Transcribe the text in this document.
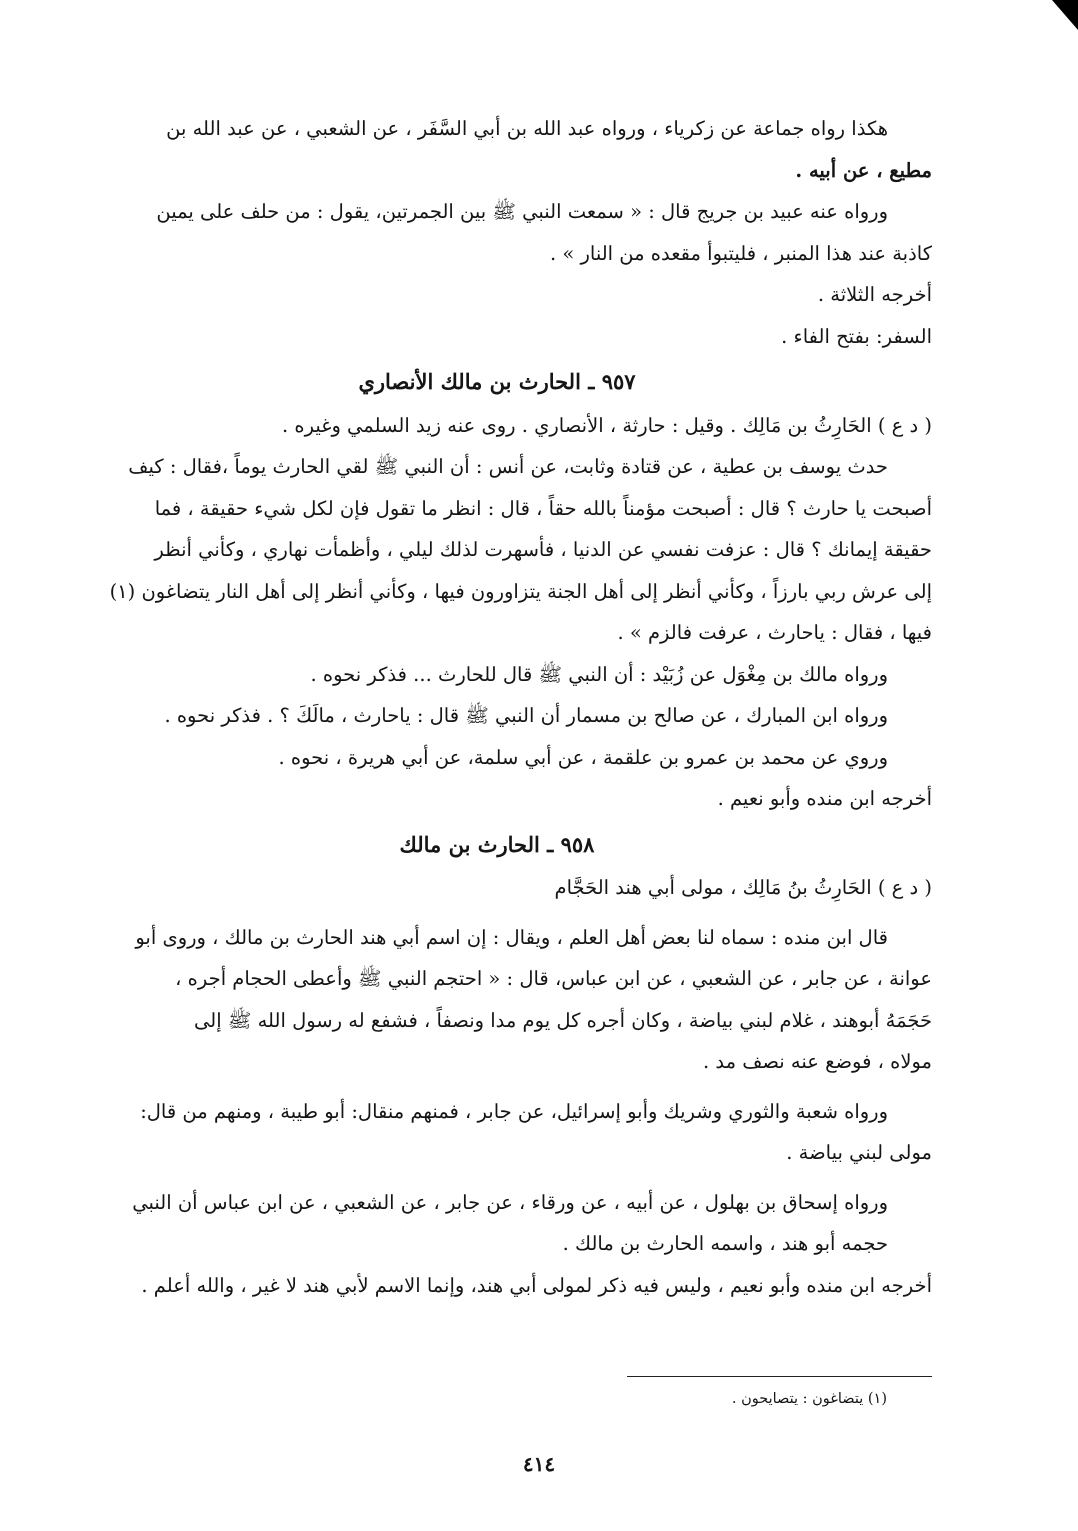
هكذا رواه جماعة عن زكرياء ، ورواه عبد الله بن أبي السَّفَر ، عن الشعبي ، عن عبد الله بن

مطيع ، عن أبيه .

ورواه عنه عبيد بن جريج قال : « سمعت النبي ﷺ بين الجمرتين، يقول : من حلف على يمين

كاذبة عند هذا المنبر ، فليتبوأ مقعده من النار » .

أخرجه الثلاثة .

السفر: بفتح الفاء .

٩٥٧ ـ الحارث بن مالك الأنصاري

( د ع ) الحَارِثُ بن مَالِك . وقيل : حارثة ، الأنصاري . روى عنه زيد السلمي وغيره .

حدث يوسف بن عطية ، عن قتادة وثابت، عن أنس : أن النبي ﷺ لقي الحارث يوماً ،فقال : كيف

أصبحت يا حارث ؟ قال : أصبحت مؤمناً بالله حقاً ، قال : انظر ما تقول فإن لكل شيء حقيقة ، فما

حقيقة إيمانك ؟ قال : عزفت نفسي عن الدنيا ، فأسهرت لذلك ليلي ، وأظمأت نهاري ، وكأني أنظر

إلى عرش ربي بارزاً ، وكأني أنظر إلى أهل الجنة يتزاورون فيها ، وكأني أنظر إلى أهل النار يتضاغون (١)

فيها ، فقال : ياحارث ، عرفت فالزم » .

ورواه مالك بن مِغْوَل عن زُبَيْد : أن النبي ﷺ قال للحارث ... فذكر نحوه .

ورواه ابن المبارك ، عن صالح بن مسمار أن النبي ﷺ قال : ياحارث ، مالَكَ ؟ . فذكر نحوه .

وروي عن محمد بن عمرو بن علقمة ، عن أبي سلمة، عن أبي هريرة ، نحوه .

أخرجه ابن منده وأبو نعيم .

٩٥٨ ـ الحارث بن مالك

( د ع ) الحَارِثُ بنُ مَالِك ، مولى أبي هند الحَجَّام

قال ابن منده : سماه لنا بعض أهل العلم ، ويقال : إن اسم أبي هند الحارث بن مالك ، وروى أبو

عوانة ، عن جابر ، عن الشعبي ، عن ابن عباس، قال : « احتجم النبي ﷺ وأعطى الحجام أجره ،

حَجَمَهُ أبوهند ، غلام لبني بياضة ، وكان أجره كل يوم مدا ونصفاً ، فشفع له رسول الله ﷺ إلى

مولاه ، فوضع عنه نصف مد .

ورواه شعبة والثوري وشريك وأبو إسرائيل، عن جابر ، فمنهم منقال: أبو طيبة ، ومنهم من قال:

مولى لبني بياضة .

ورواه إسحاق بن بهلول ، عن أبيه ، عن ورقاء ، عن جابر ، عن الشعبي ، عن ابن عباس أن النبي

حجمه أبو هند ، واسمه الحارث بن مالك .

أخرجه ابن منده وأبو نعيم ، وليس فيه ذكر لمولى أبي هند، وإنما الاسم لأبي هند لا غير ، والله أعلم .

(١) يتضاغون : يتصايحون .
٤١٤
